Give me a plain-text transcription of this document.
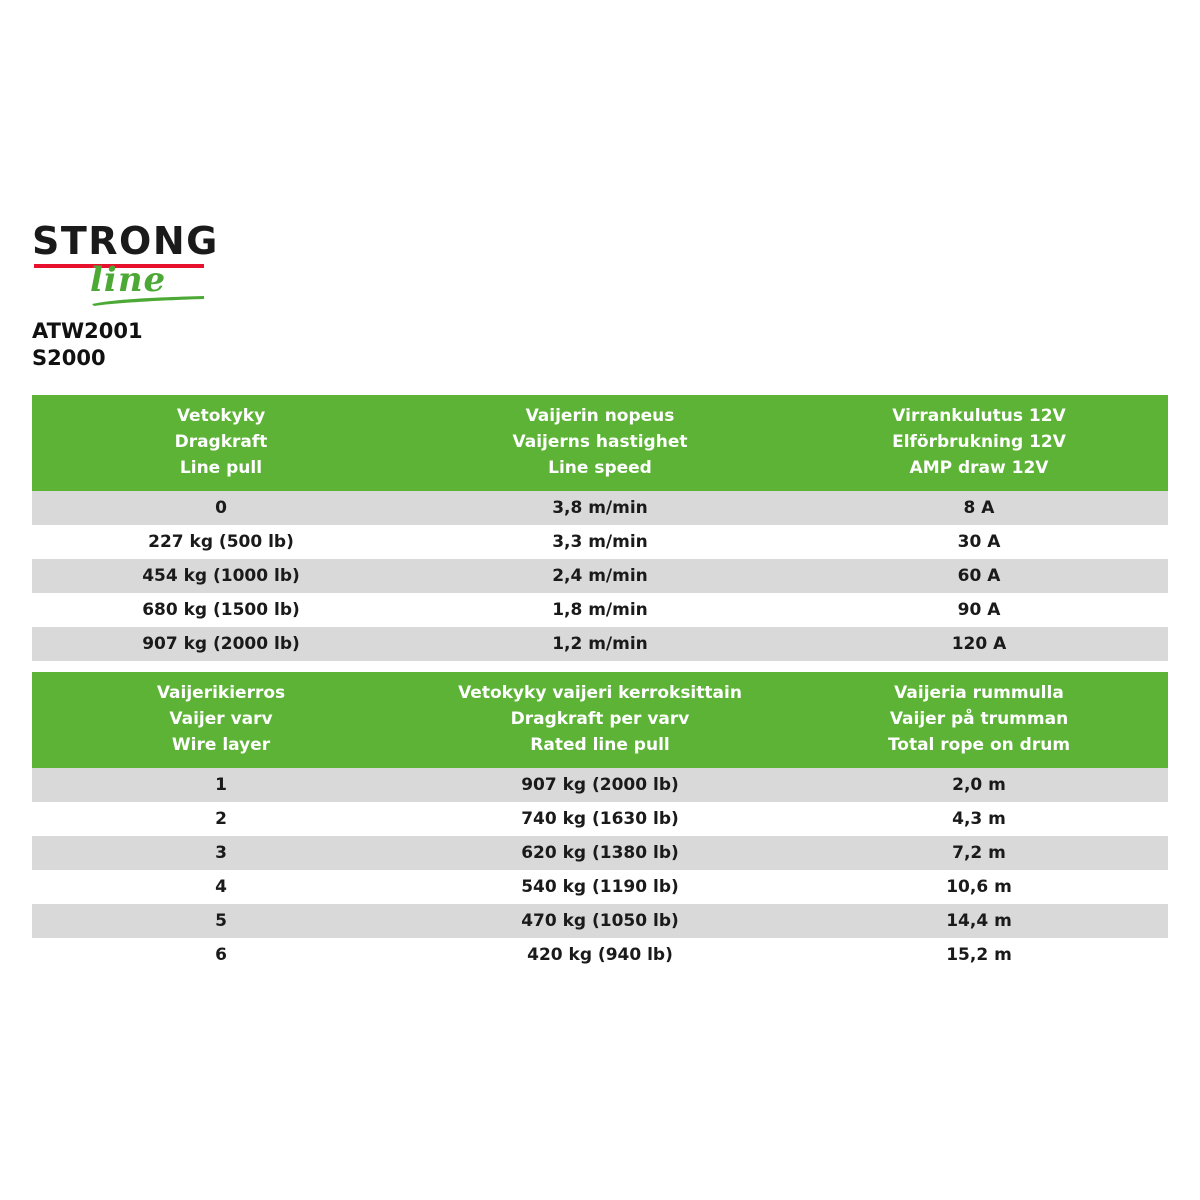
STRONG
line
ATW2001
S2000
Vetokyky
Dragkraft
Line pull	Vaijerin nopeus
Vaijerns hastighet
Line speed	Virrankulutus 12V
Elförbrukning 12V
AMP draw 12V

0	3,8 m/min	8 A
227 kg (500 lb)	3,3 m/min	30 A
454 kg (1000 lb)	2,4 m/min	60 A
680 kg (1500 lb)	1,8 m/min	90 A
907 kg (2000 lb)	1,2 m/min	120 A
Vaijerikierros
Vaijer varv
Wire layer	Vetokyky vaijeri kerroksittain
Dragkraft per varv
Rated line pull	Vaijeria rummulla
Vaijer på trumman
Total rope on drum

1	907 kg (2000 lb)	2,0 m
2	740 kg (1630 lb)	4,3 m
3	620 kg (1380 lb)	7,2 m
4	540 kg (1190 lb)	10,6 m
5	470 kg (1050 lb)	14,4 m
6	420 kg (940 lb)	15,2 m
